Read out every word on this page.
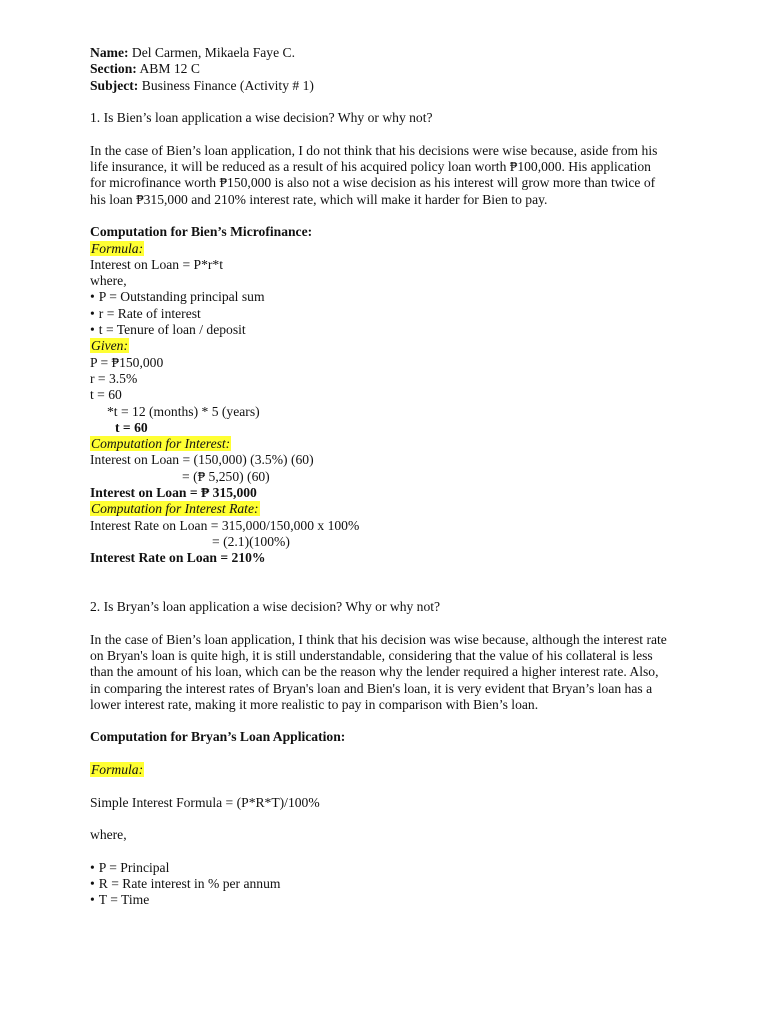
Name: Del Carmen, Mikaela Faye C.
Section: ABM 12 C
Subject: Business Finance (Activity # 1)
1. Is Bien’s loan application a wise decision? Why or why not?
In the case of Bien’s loan application, I do not think that his decisions were wise because, aside from his
life insurance, it will be reduced as a result of his acquired policy loan worth ₱100,000. His application
for microfinance worth ₱150,000 is also not a wise decision as his interest will grow more than twice of
his loan ₱315,000 and 210% interest rate, which will make it harder for Bien to pay.
Computation for Bien’s Microfinance:
Formula:
Interest on Loan = P*r*t
where,
• P = Outstanding principal sum
• r = Rate of interest
• t = Tenure of loan / deposit
Given:
P = ₱150,000
r = 3.5%
t = 60
*t = 12 (months) * 5 (years)
t = 60
Computation for Interest:
Interest on Loan = (150,000) (3.5%) (60)
= (₱ 5,250) (60)
Interest on Loan = ₱ 315,000
Computation for Interest Rate:
Interest Rate on Loan = 315,000/150,000 x 100%
= (2.1)(100%)
Interest Rate on Loan = 210%
2. Is Bryan’s loan application a wise decision? Why or why not?
In the case of Bien’s loan application, I think that his decision was wise because, although the interest rate
on Bryan's loan is quite high, it is still understandable, considering that the value of his collateral is less
than the amount of his loan, which can be the reason why the lender required a higher interest rate. Also,
in comparing the interest rates of Bryan's loan and Bien's loan, it is very evident that Bryan’s loan has a
lower interest rate, making it more realistic to pay in comparison with Bien’s loan.
Computation for Bryan’s Loan Application:
Formula:
Simple Interest Formula = (P*R*T)/100%
where,
• P = Principal
• R = Rate interest in % per annum
• T = Time
